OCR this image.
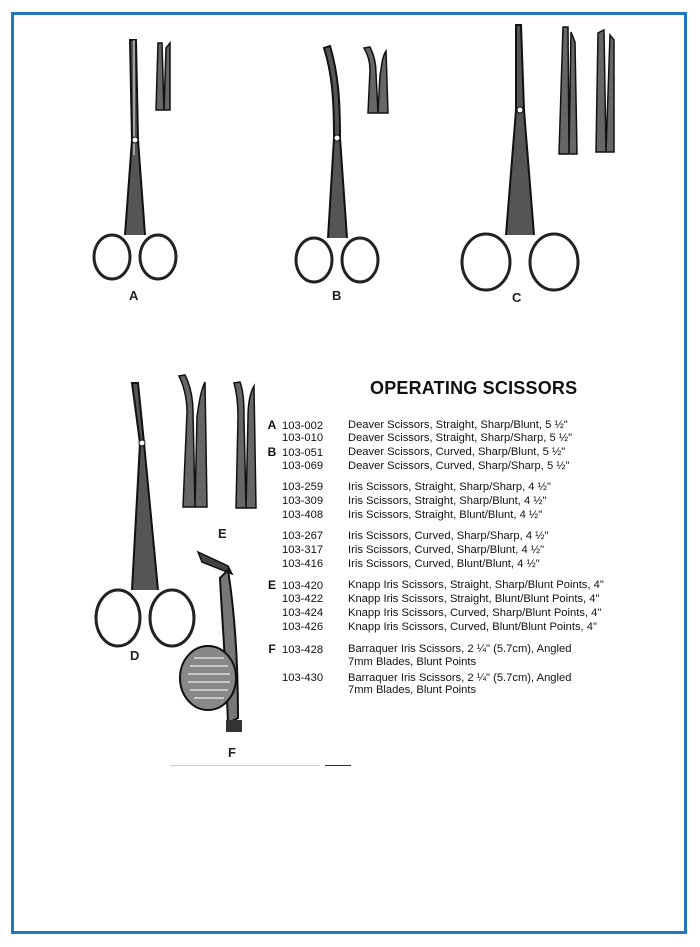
A	B	C
D
E
F
OPERATING SCISSORS
A 103-002 Deaver Scissors, Straight, Sharp/Blunt, 5 ½"
103-010 Deaver Scissors, Straight, Sharp/Sharp, 5 ½"
B 103-051 Deaver Scissors, Curved, Sharp/Blunt, 5 ½"
103-069 Deaver Scissors, Curved, Sharp/Sharp, 5 ½"
103-259 Iris Scissors, Straight, Sharp/Sharp, 4 ½"
103-309 Iris Scissors, Straight, Sharp/Blunt, 4 ½"
103-408 Iris Scissors, Straight, Blunt/Blunt, 4 ½"
103-267 Iris Scissors, Curved, Sharp/Sharp, 4 ½"
103-317 Iris Scissors, Curved, Sharp/Blunt, 4 ½"
103-416 Iris Scissors, Curved, Blunt/Blunt, 4 ½"
E 103-420 Knapp Iris Scissors, Straight, Sharp/Blunt Points, 4"
103-422 Knapp Iris Scissors, Straight, Blunt/Blunt Points, 4"
103-424 Knapp Iris Scissors, Curved, Sharp/Blunt Points, 4"
103-426 Knapp Iris Scissors, Curved, Blunt/Blunt Points, 4"
F 103-428 Barraquer Iris Scissors, 2 ¼" (5.7cm), Angled
7mm Blades, Blunt Points
103-430 Barraquer Iris Scissors, 2 ¼" (5.7cm), Angled
7mm Blades, Blunt Points
